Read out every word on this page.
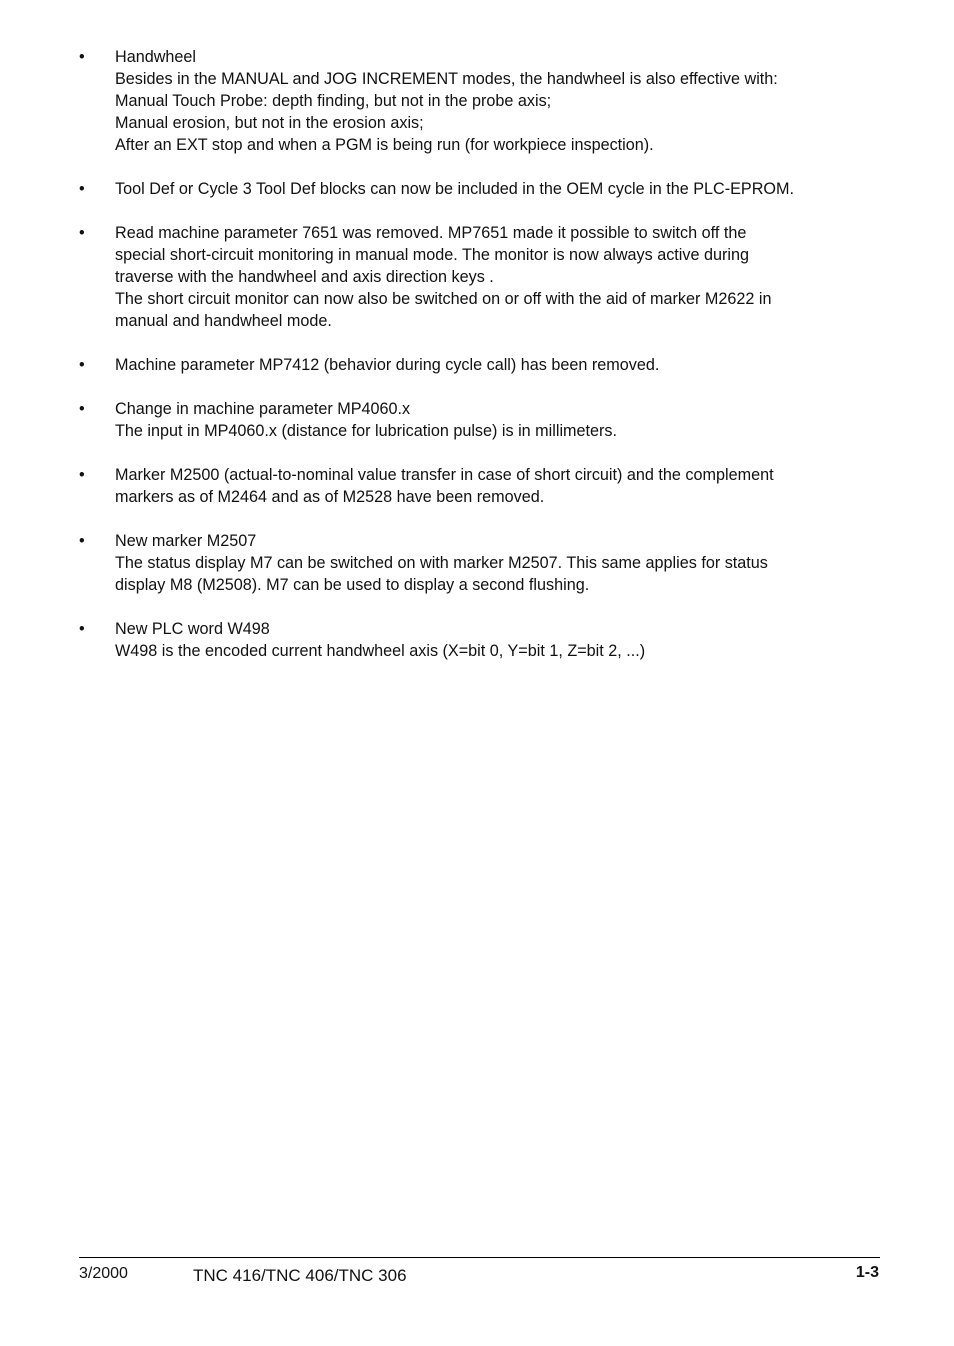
•	Handwheel
Besides in the MANUAL and JOG INCREMENT modes, the handwheel is also effective with:
Manual Touch Probe: depth finding, but not in the probe axis;
Manual erosion, but not in the erosion axis;
After an EXT stop and when a PGM is being run (for workpiece inspection).
•	Tool Def or Cycle 3 Tool Def blocks can now be included in the OEM cycle in the PLC-EPROM.
•	Read machine parameter 7651 was removed. MP7651 made it possible to switch off the
special short-circuit monitoring in manual mode. The monitor is now always active during
traverse with the handwheel and axis direction keys .
The short circuit monitor can now also be switched on or off with the aid of marker M2622 in
manual and handwheel mode.
•	Machine parameter MP7412 (behavior during cycle call) has been removed.
•	Change in machine parameter MP4060.x
The input in MP4060.x (distance for lubrication pulse) is in millimeters.
•	Marker M2500 (actual-to-nominal value transfer in case of short circuit) and the complement
markers as of M2464 and as of M2528 have been removed.
•	New marker M2507
The status display M7 can be switched on with marker M2507. This same applies for status
display M8 (M2508). M7 can be used to display a second flushing.
•	New PLC word W498
W498 is the encoded current handwheel axis (X=bit 0, Y=bit 1, Z=bit 2, ...)
3/2000	TNC 416/TNC 406/TNC 306	1-3
